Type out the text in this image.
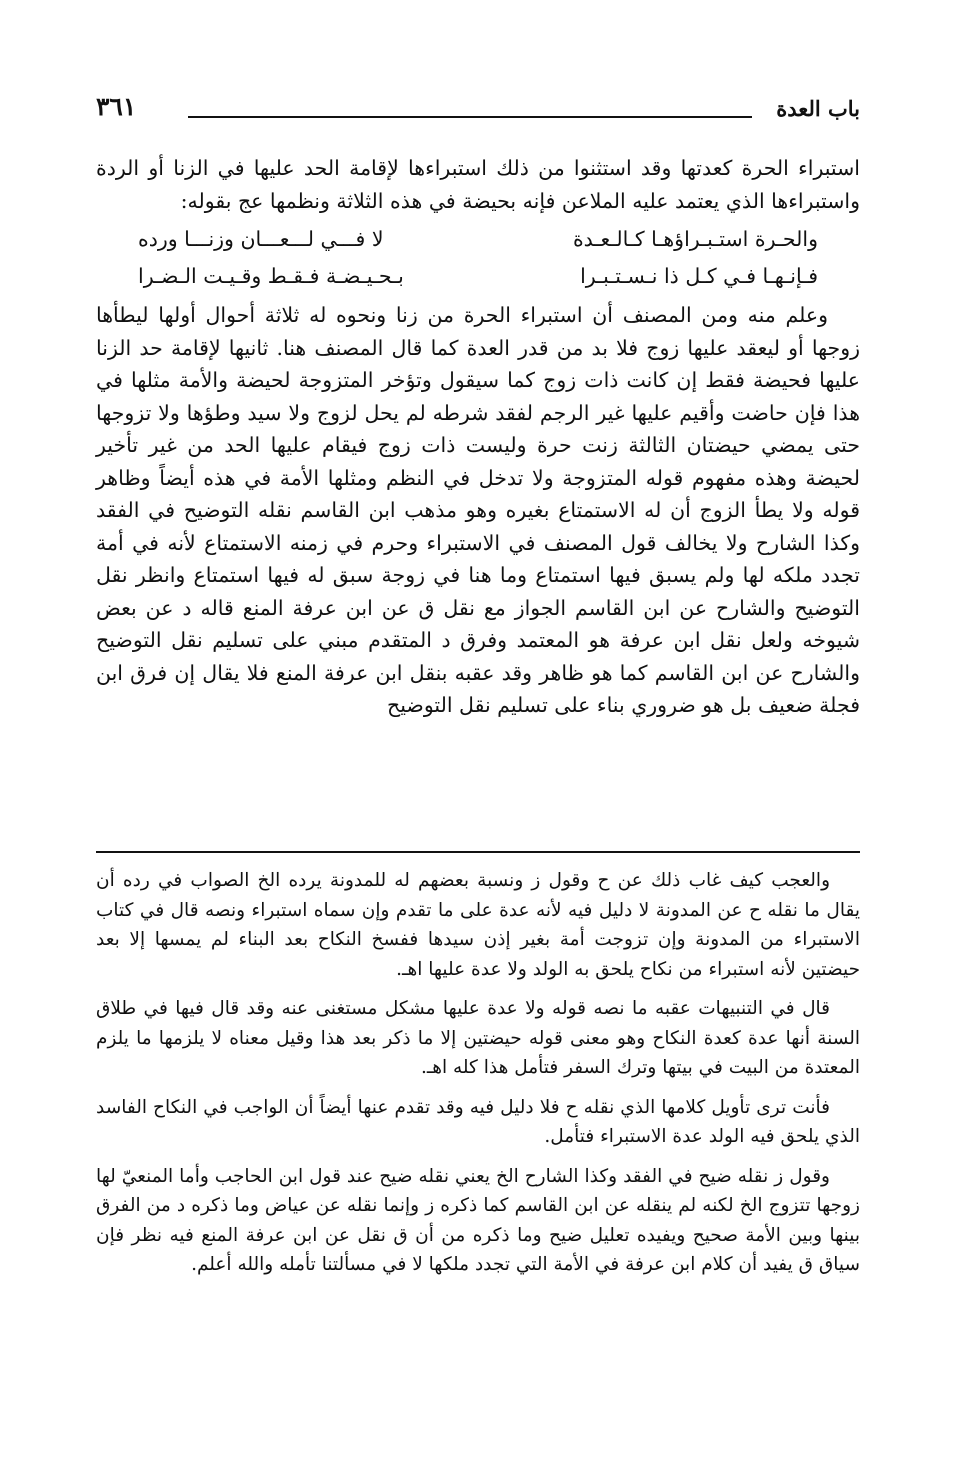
باب العدة
٣٦١

استبراء الحرة كعدتها وقد استثنوا من ذلك استبراءها لإقامة الحد عليها في الزنا أو الردة واستبراءها الذي يعتمد عليه الملاعن فإنه بحيضة في هذه الثلاثة ونظمها عج بقوله:

والحـرة استـبـراؤهـا كـالـعـدة
لا فـــي لـــعـــان وزنـــا ورده
فـإنـهـا فـي كـل ذا نـسـتـبـرا
بـحـيـضـة فـقـط وقـيـت الـضـرا

وعلم منه ومن المصنف أن استبراء الحرة من زنا ونحوه له ثلاثة أحوال أولها ليطأها زوجها أو ليعقد عليها زوج فلا بد من قدر العدة كما قال المصنف هنا. ثانيها لإقامة حد الزنا عليها فحيضة فقط إن كانت ذات زوج كما سيقول وتؤخر المتزوجة لحيضة والأمة مثلها في هذا فإن حاضت وأقيم عليها غير الرجم لفقد شرطه لم يحل لزوج ولا سيد وطؤها ولا تزوجها حتى يمضي حيضتان الثالثة زنت حرة وليست ذات زوج فيقام عليها الحد من غير تأخير لحيضة وهذه مفهوم قوله المتزوجة ولا تدخل في النظم ومثلها الأمة في هذه أيضاً وظاهر قوله ولا يطأ الزوج أن له الاستمتاع بغيره وهو مذهب ابن القاسم نقله التوضيح في الفقد وكذا الشارح ولا يخالف قول المصنف في الاستبراء وحرم في زمنه الاستمتاع لأنه في أمة تجدد ملكه لها ولم يسبق فيها استمتاع وما هنا في زوجة سبق له فيها استمتاع وانظر نقل التوضيح والشارح عن ابن القاسم الجواز مع نقل ق عن ابن عرفة المنع قاله د عن بعض شيوخه ولعل نقل ابن عرفة هو المعتمد وفرق د المتقدم مبني على تسليم نقل التوضيح والشارح عن ابن القاسم كما هو ظاهر وقد عقبه بنقل ابن عرفة المنع فلا يقال إن فرق ابن فجلة ضعيف بل هو ضروري بناء على تسليم نقل التوضيح

والعجب كيف غاب ذلك عن ح وقول ز ونسبة بعضهم له للمدونة يرده الخ الصواب في رده أن يقال ما نقله ح عن المدونة لا دليل فيه لأنه عدة على ما تقدم وإن سماه استبراء ونصه قال في كتاب الاستبراء من المدونة وإن تزوجت أمة بغير إذن سيدها ففسخ النكاح بعد البناء لم يمسها إلا بعد حيضتين لأنه استبراء من نكاح يلحق به الولد ولا عدة عليها اهـ.

قال في التنبيهات عقبه ما نصه قوله ولا عدة عليها مشكل مستغنى عنه وقد قال فيها في طلاق السنة أنها عدة كعدة النكاح وهو معنى قوله حيضتين إلا ما ذكر بعد هذا وقيل معناه لا يلزمها ما يلزم المعتدة من البيت في بيتها وترك السفر فتأمل هذا كله اهـ.

فأنت ترى تأويل كلامها الذي نقله ح فلا دليل فيه وقد تقدم عنها أيضاً أن الواجب في النكاح الفاسد الذي يلحق فيه الولد عدة الاستبراء فتأمل.

وقول ز نقله ضيح في الفقد وكذا الشارح الخ يعني نقله ضيح عند قول ابن الحاجب وأما المنعيّ لها زوجها تتزوج الخ لكنه لم ينقله عن ابن القاسم كما ذكره ز وإنما نقله عن عياض وما ذكره د من الفرق بينها وبين الأمة صحيح ويفيده تعليل ضيح وما ذكره من أن ق نقل عن ابن عرفة المنع فيه نظر فإن سياق ق يفيد أن كلام ابن عرفة في الأمة التي تجدد ملكها لا في مسألتنا تأمله والله أعلم.
